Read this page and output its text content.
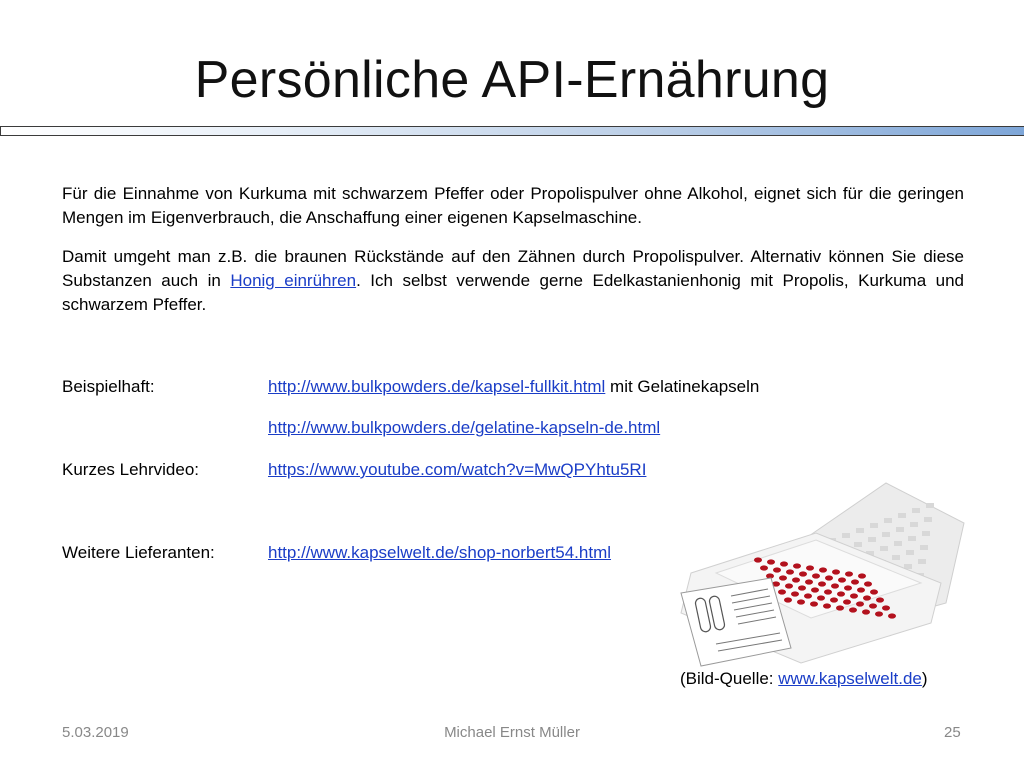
Persönliche API-Ernährung

Für die Einnahme von Kurkuma mit schwarzem Pfeffer oder Propolispulver ohne Alkohol, eignet sich für die geringen Mengen im Eigenverbrauch, die Anschaffung einer eigenen Kapselmaschine.

Damit umgeht man z.B. die braunen Rückstände auf den Zähnen durch Propolispulver. Alternativ können Sie diese Substanzen auch in Honig einrühren. Ich selbst verwende gerne Edelkastanienhonig mit Propolis, Kurkuma und schwarzem Pfeffer.

Beispielhaft:	http://www.bulkpowders.de/kapsel-fullkit.html mit Gelatinekapseln
http://www.bulkpowders.de/gelatine-kapseln-de.html
Kurzes Lehrvideo:	https://www.youtube.com/watch?v=MwQPYhtu5RI
Weitere Lieferanten:	http://www.kapselwelt.de/shop-norbert54.html
(Bild-Quelle: www.kapselwelt.de)
5.03.2019	Michael Ernst Müller	25
